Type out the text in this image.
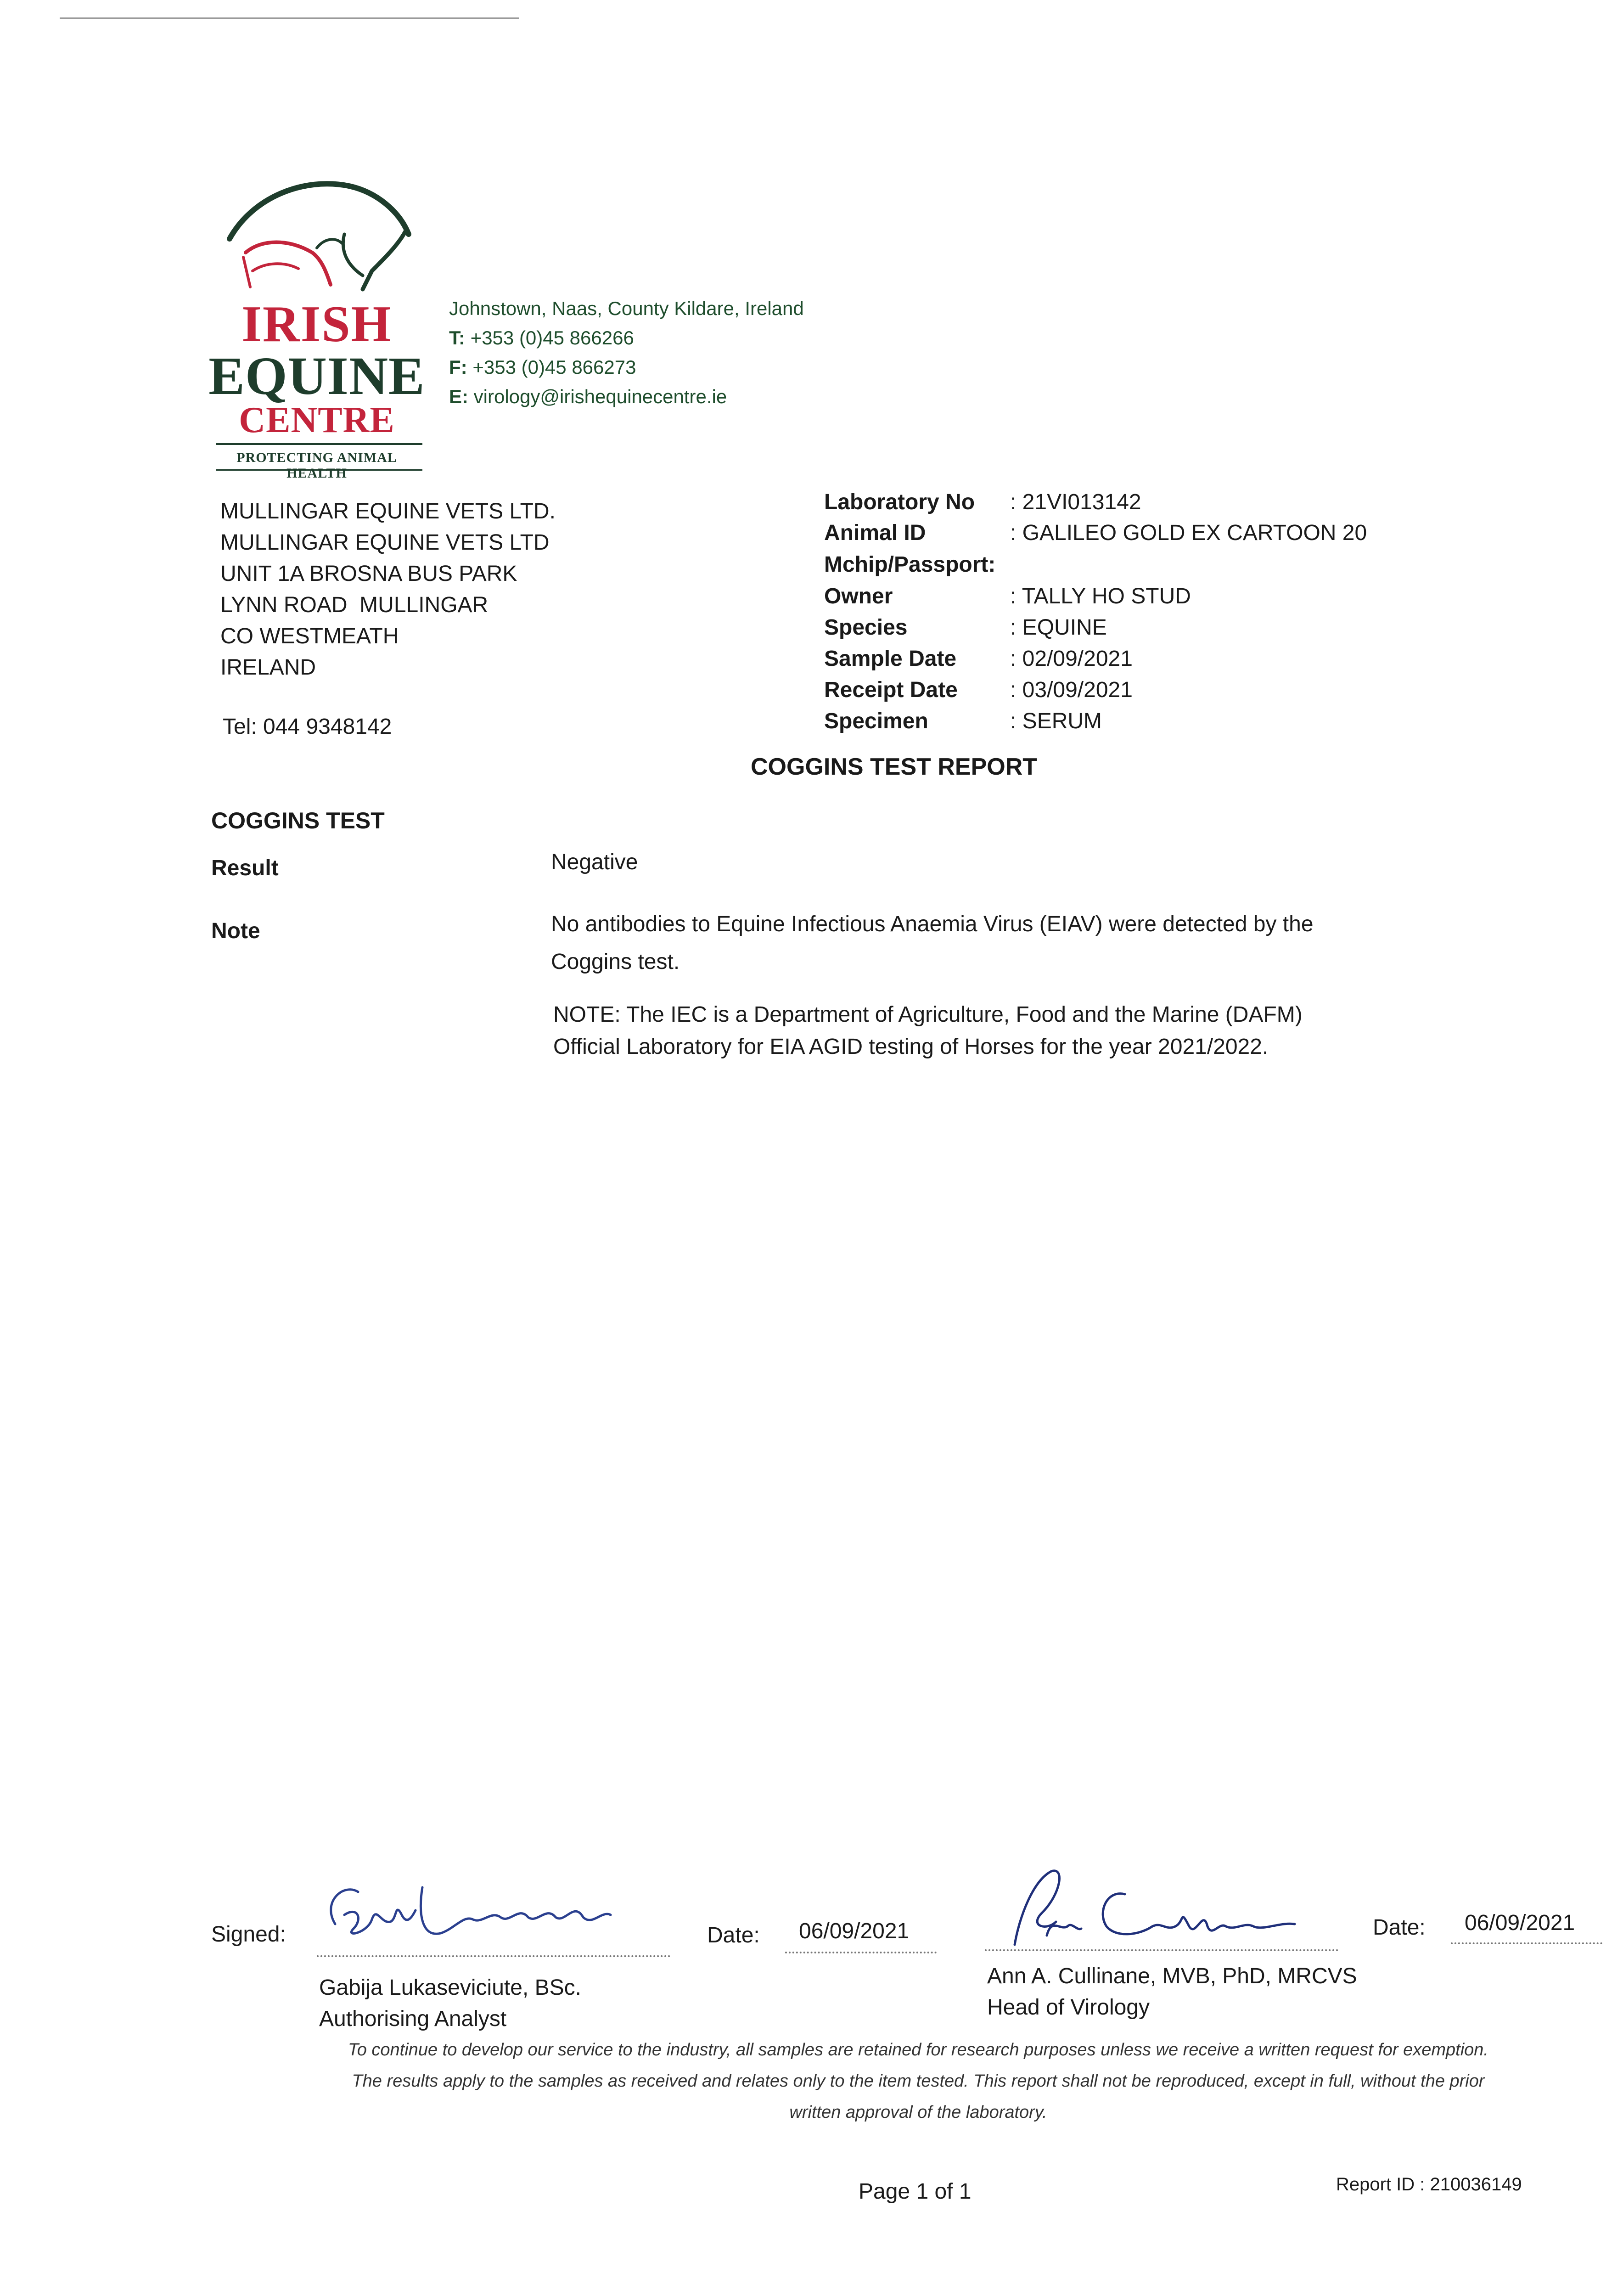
IRISH
EQUINE
CENTRE
PROTECTING ANIMAL HEALTH
Johnstown, Naas, County Kildare, Ireland
T: +353 (0)45 866266
F: +353 (0)45 866273
E: virology@irishequinecentre.ie
MULLINGAR EQUINE VETS LTD.
MULLINGAR EQUINE VETS LTD
UNIT 1A BROSNA BUS PARK
LYNN ROAD  MULLINGAR
CO WESTMEATH
IRELAND
Tel: 044 9348142
Laboratory No : 21VI013142
Animal ID	: GALILEO GOLD EX CARTOON 20
Mchip/Passport:
Owner	: TALLY HO STUD
Species	: EQUINE
Sample Date : 02/09/2021
Receipt Date : 03/09/2021
Specimen	: SERUM
COGGINS TEST REPORT
COGGINS TEST
Result	Negative
Note	No antibodies to Equine Infectious Anaemia Virus (EIAV) were detected by the Coggins test.
NOTE: The IEC is a Department of Agriculture, Food and the Marine (DAFM) Official Laboratory for EIA AGID testing of Horses for the year 2021/2022.
Signed:	Date: 06/09/2021	Date: 06/09/2021
Gabija Lukaseviciute, BSc.
Authorising Analyst
Ann A. Cullinane, MVB, PhD, MRCVS
Head of Virology
To continue to develop our service to the industry, all samples are retained for research purposes unless we receive a written request for exemption.
The results apply to the samples as received and relates only to the item tested. This report shall not be reproduced, except in full, without the prior
written approval of the laboratory.
Page 1 of 1	Report ID : 210036149
